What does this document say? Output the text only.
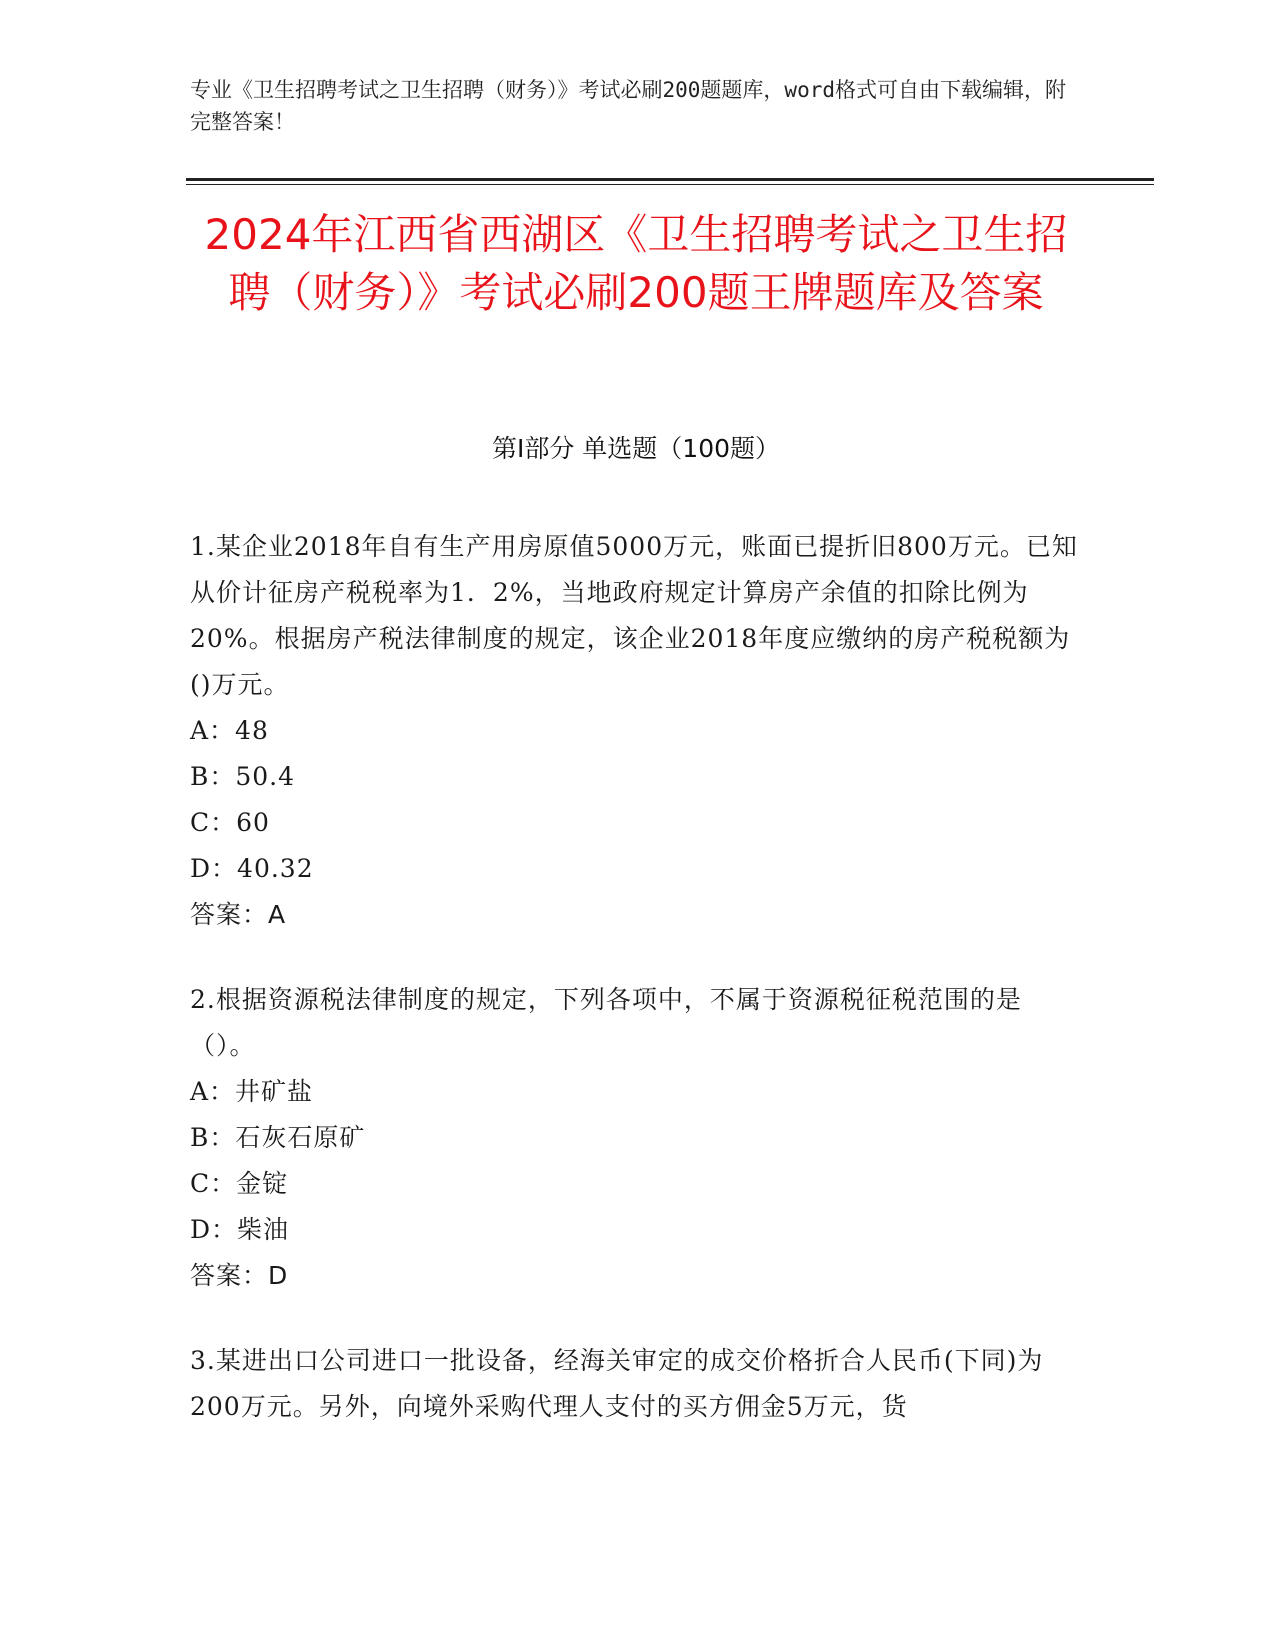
专业《卫生招聘考试之卫生招聘（财务）》考试必刷200题题库，word格式可自由下载编辑，附完整答案！
2024年江西省西湖区《卫生招聘考试之卫生招聘（财务）》考试必刷200题王牌题库及答案
第I部分 单选题（100题）

1.某企业2018年自有生产用房原值5000万元，账面已提折旧800万元。已知从价计征房产税税率为1．2%，当地政府规定计算房产余值的扣除比例为20%。根据房产税法律制度的规定，该企业2018年度应缴纳的房产税税额为()万元。

A：48

B：50.4

C：60

D：40.32

答案：A

2.根据资源税法律制度的规定，下列各项中，不属于资源税征税范围的是（）。

A：井矿盐

B：石灰石原矿

C：金锭

D：柴油

答案：D

3.某进出口公司进口一批设备，经海关审定的成交价格折合人民币(下同)为200万元。另外，向境外采购代理人支付的买方佣金5万元，货
